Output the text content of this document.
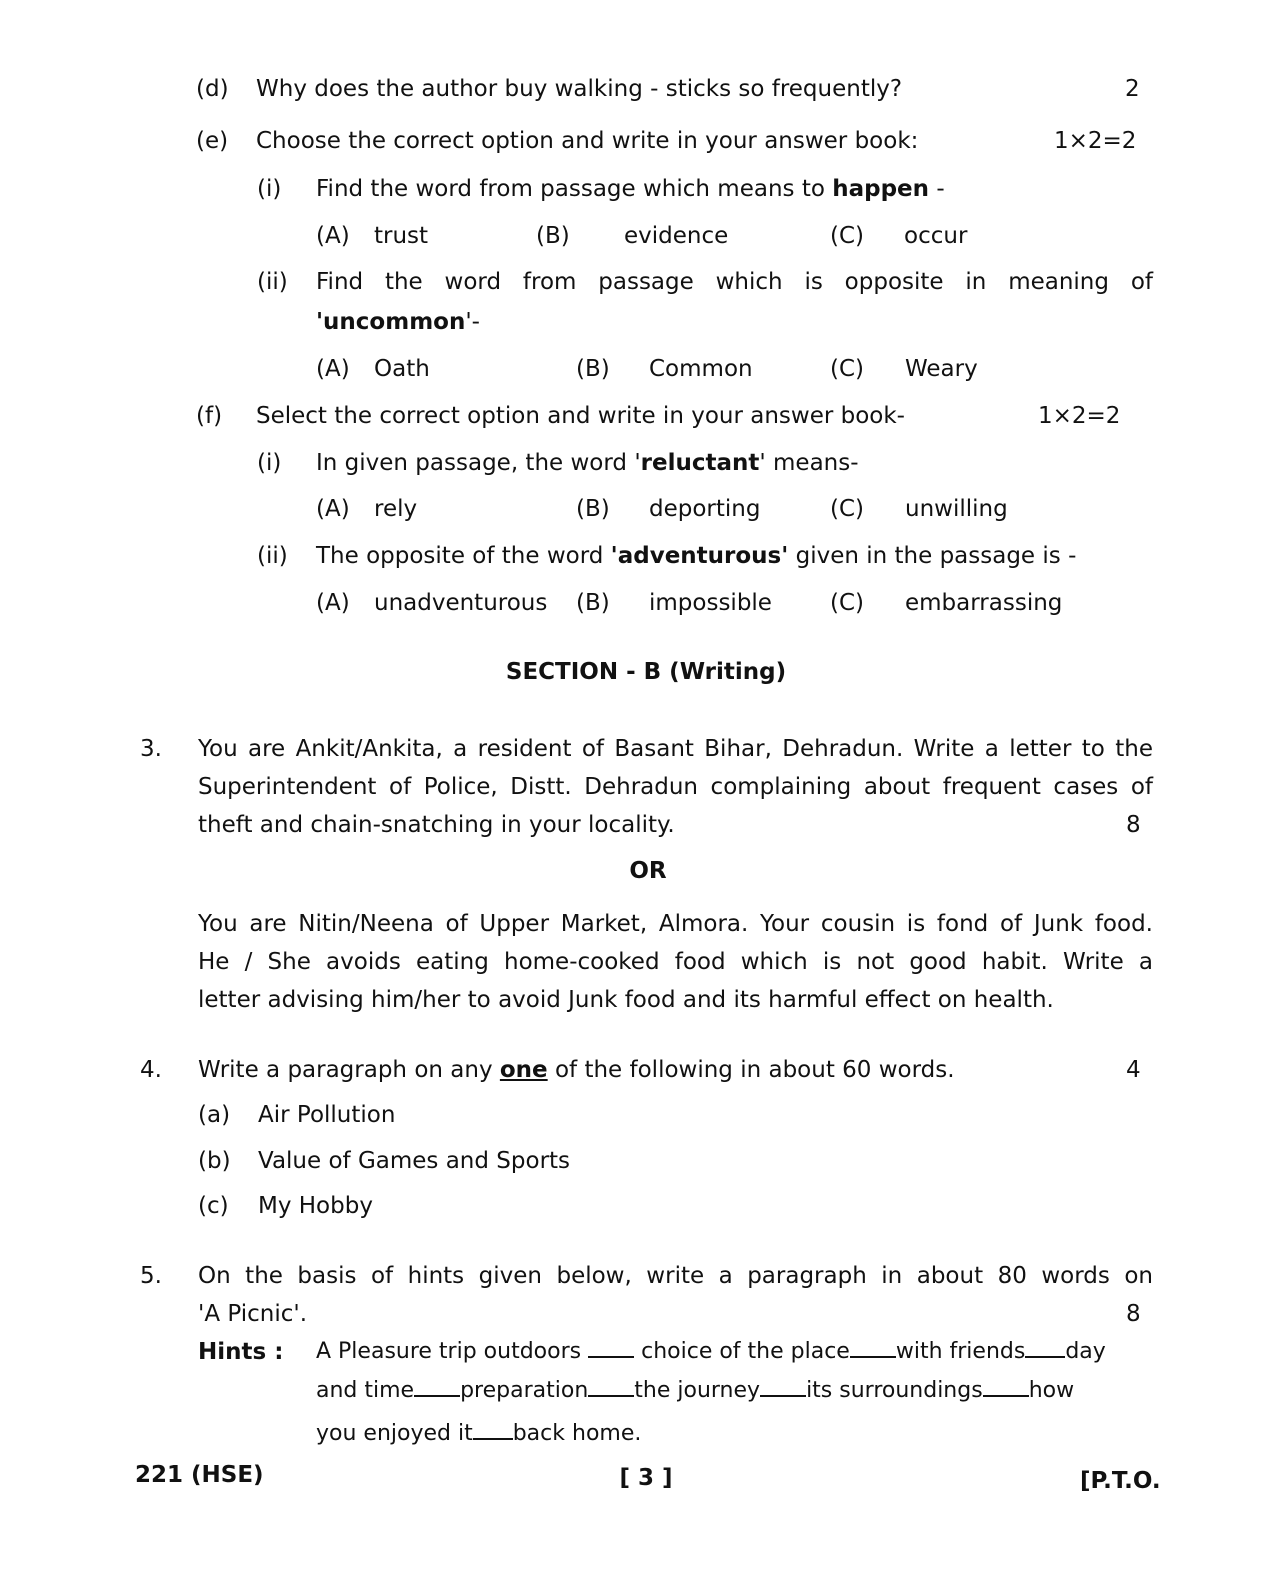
(d) Why does the author buy walking - sticks so frequently?	2
(e) Choose the correct option and write in your answer book:	1×2=2
(i) Find the word from passage which means to happen -
(A) trust	(B) evidence	(C) occur
(ii) Find the word from passage which is opposite in meaning of
'uncommon'-
(A) Oath	(B) Common	(C) Weary
(f) Select the correct option and write in your answer book-	1×2=2
(i) In given passage, the word 'reluctant' means-
(A) rely	(B) deporting	(C) unwilling
(ii) The opposite of the word 'adventurous' given in the passage is -
(A) unadventurous (B) impossible	(C) embarrassing
SECTION - B (Writing)
3. You are Ankit/Ankita, a resident of Basant Bihar, Dehradun. Write a letter to the
Superintendent of Police, Distt. Dehradun complaining about frequent cases of
theft and chain-snatching in your locality.	8
OR
You are Nitin/Neena of Upper Market, Almora. Your cousin is fond of Junk food.
He / She avoids eating home-cooked food which is not good habit. Write a
letter advising him/her to avoid Junk food and its harmful effect on health.
4. Write a paragraph on any one of the following in about 60 words.	4
(a) Air Pollution
(b) Value of Games and Sports
(c) My Hobby
5. On the basis of hints given below, write a paragraph in about 80 words on
'A Picnic'.	8
Hints : A Pleasure trip outdoors	choice of the place with friends day
and time preparation the journey its surroundings how
you enjoyed it back home.
221 (HSE)	[ 3 ]	[P.T.O.
